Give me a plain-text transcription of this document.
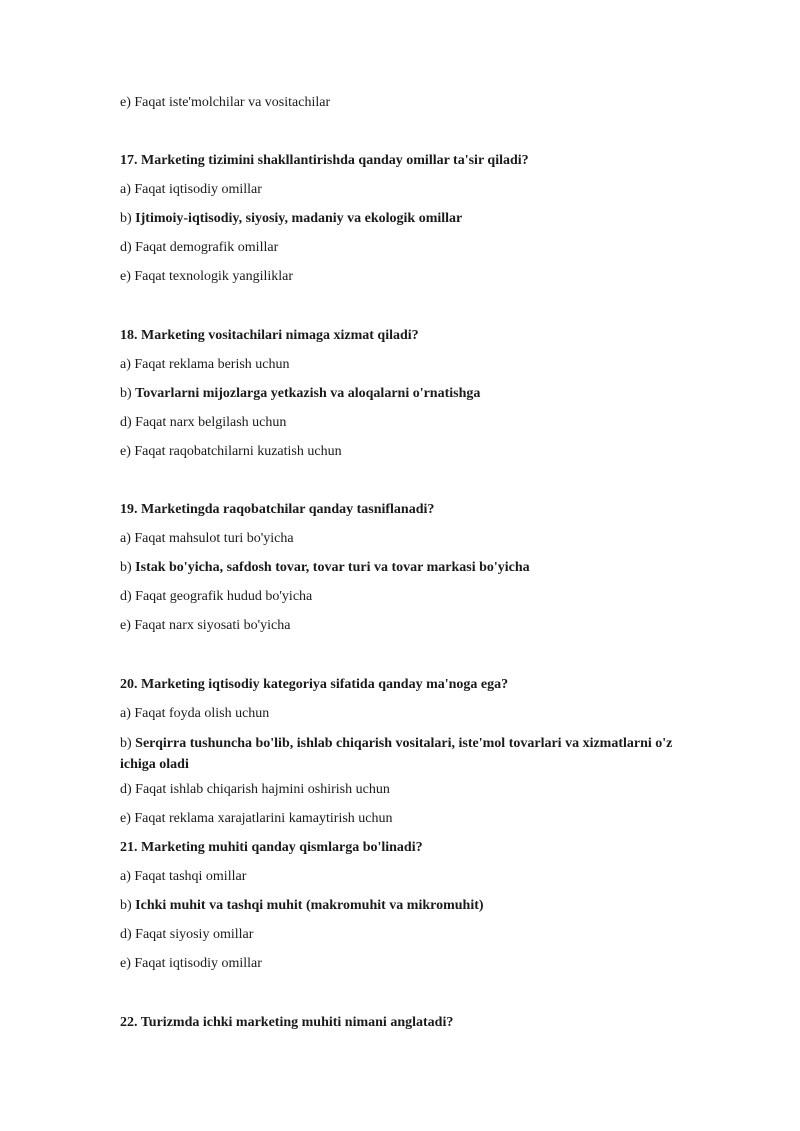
e) Faqat iste'molchilar va vositachilar
17. Marketing tizimini shakllantirishda qanday omillar ta'sir qiladi?
a) Faqat iqtisodiy omillar
b) Ijtimoiy-iqtisodiy, siyosiy, madaniy va ekologik omillar
d) Faqat demografik omillar
e) Faqat texnologik yangiliklar
18. Marketing vositachilari nimaga xizmat qiladi?
a) Faqat reklama berish uchun
b) Tovarlarni mijozlarga yetkazish va aloqalarni o'rnatishga
d) Faqat narx belgilash uchun
e) Faqat raqobatchilarni kuzatish uchun
19. Marketingda raqobatchilar qanday tasniflanadi?
a) Faqat mahsulot turi bo'yicha
b) Istak bo'yicha, safdosh tovar, tovar turi va tovar markasi bo'yicha
d) Faqat geografik hudud bo'yicha
e) Faqat narx siyosati bo'yicha
20. Marketing iqtisodiy kategoriya sifatida qanday ma'noga ega?
a) Faqat foyda olish uchun
b) Serqirra tushuncha bo'lib, ishlab chiqarish vositalari, iste'mol tovarlari va xizmatlarni o'z ichiga oladi
d) Faqat ishlab chiqarish hajmini oshirish uchun
e) Faqat reklama xarajatlarini kamaytirish uchun
21. Marketing muhiti qanday qismlarga bo'linadi?
a) Faqat tashqi omillar
b) Ichki muhit va tashqi muhit (makromuhit va mikromuhit)
d) Faqat siyosiy omillar
e) Faqat iqtisodiy omillar
22. Turizmda ichki marketing muhiti nimani anglatadi?
